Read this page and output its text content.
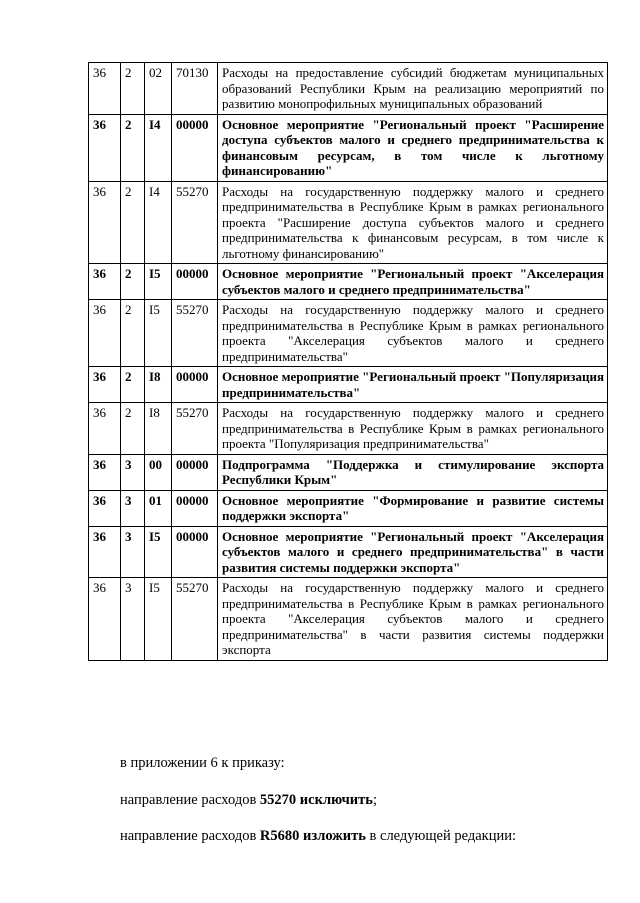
36	2	02	70130	Расходы на предоставление субсидий бюджетам муниципальных образований Республики Крым на реализацию мероприятий по развитию монопрофильных муниципальных образований
36	2	I4	00000	Основное мероприятие "Региональный проект "Расширение доступа субъектов малого и среднего предпринимательства к финансовым ресурсам, в том числе к льготному финансированию"
36	2	I4	55270	Расходы на государственную поддержку малого и среднего предпринимательства в Республике Крым в рамках регионального проекта "Расширение доступа субъектов малого и среднего предпринимательства к финансовым ресурсам, в том числе к льготному финансированию"
36	2	I5	00000	Основное мероприятие "Региональный проект "Акселерация субъектов малого и среднего предпринимательства"
36	2	I5	55270	Расходы на государственную поддержку малого и среднего предпринимательства в Республике Крым в рамках регионального проекта "Акселерация субъектов малого и среднего предпринимательства"
36	2	I8	00000	Основное мероприятие "Региональный проект "Популяризация предпринимательства"
36	2	I8	55270	Расходы на государственную поддержку малого и среднего предпринимательства в Республике Крым в рамках регионального проекта "Популяризация предпринимательства"
36	3	00	00000	Подпрограмма "Поддержка и стимулирование экспорта Республики Крым"
36	3	01	00000	Основное мероприятие "Формирование и развитие системы поддержки экспорта"
36	3	I5	00000	Основное мероприятие "Региональный проект "Акселерация субъектов малого и среднего предпринимательства" в части развития системы поддержки экспорта"
36	3	I5	55270	Расходы на государственную поддержку малого и среднего предпринимательства в Республике Крым в рамках регионального проекта "Акселерация субъектов малого и среднего предпринимательства" в части развития системы поддержки экспорта
в приложении 6 к приказу:
направление расходов 55270 исключить;
направление расходов R5680 изложить в следующей редакции:
